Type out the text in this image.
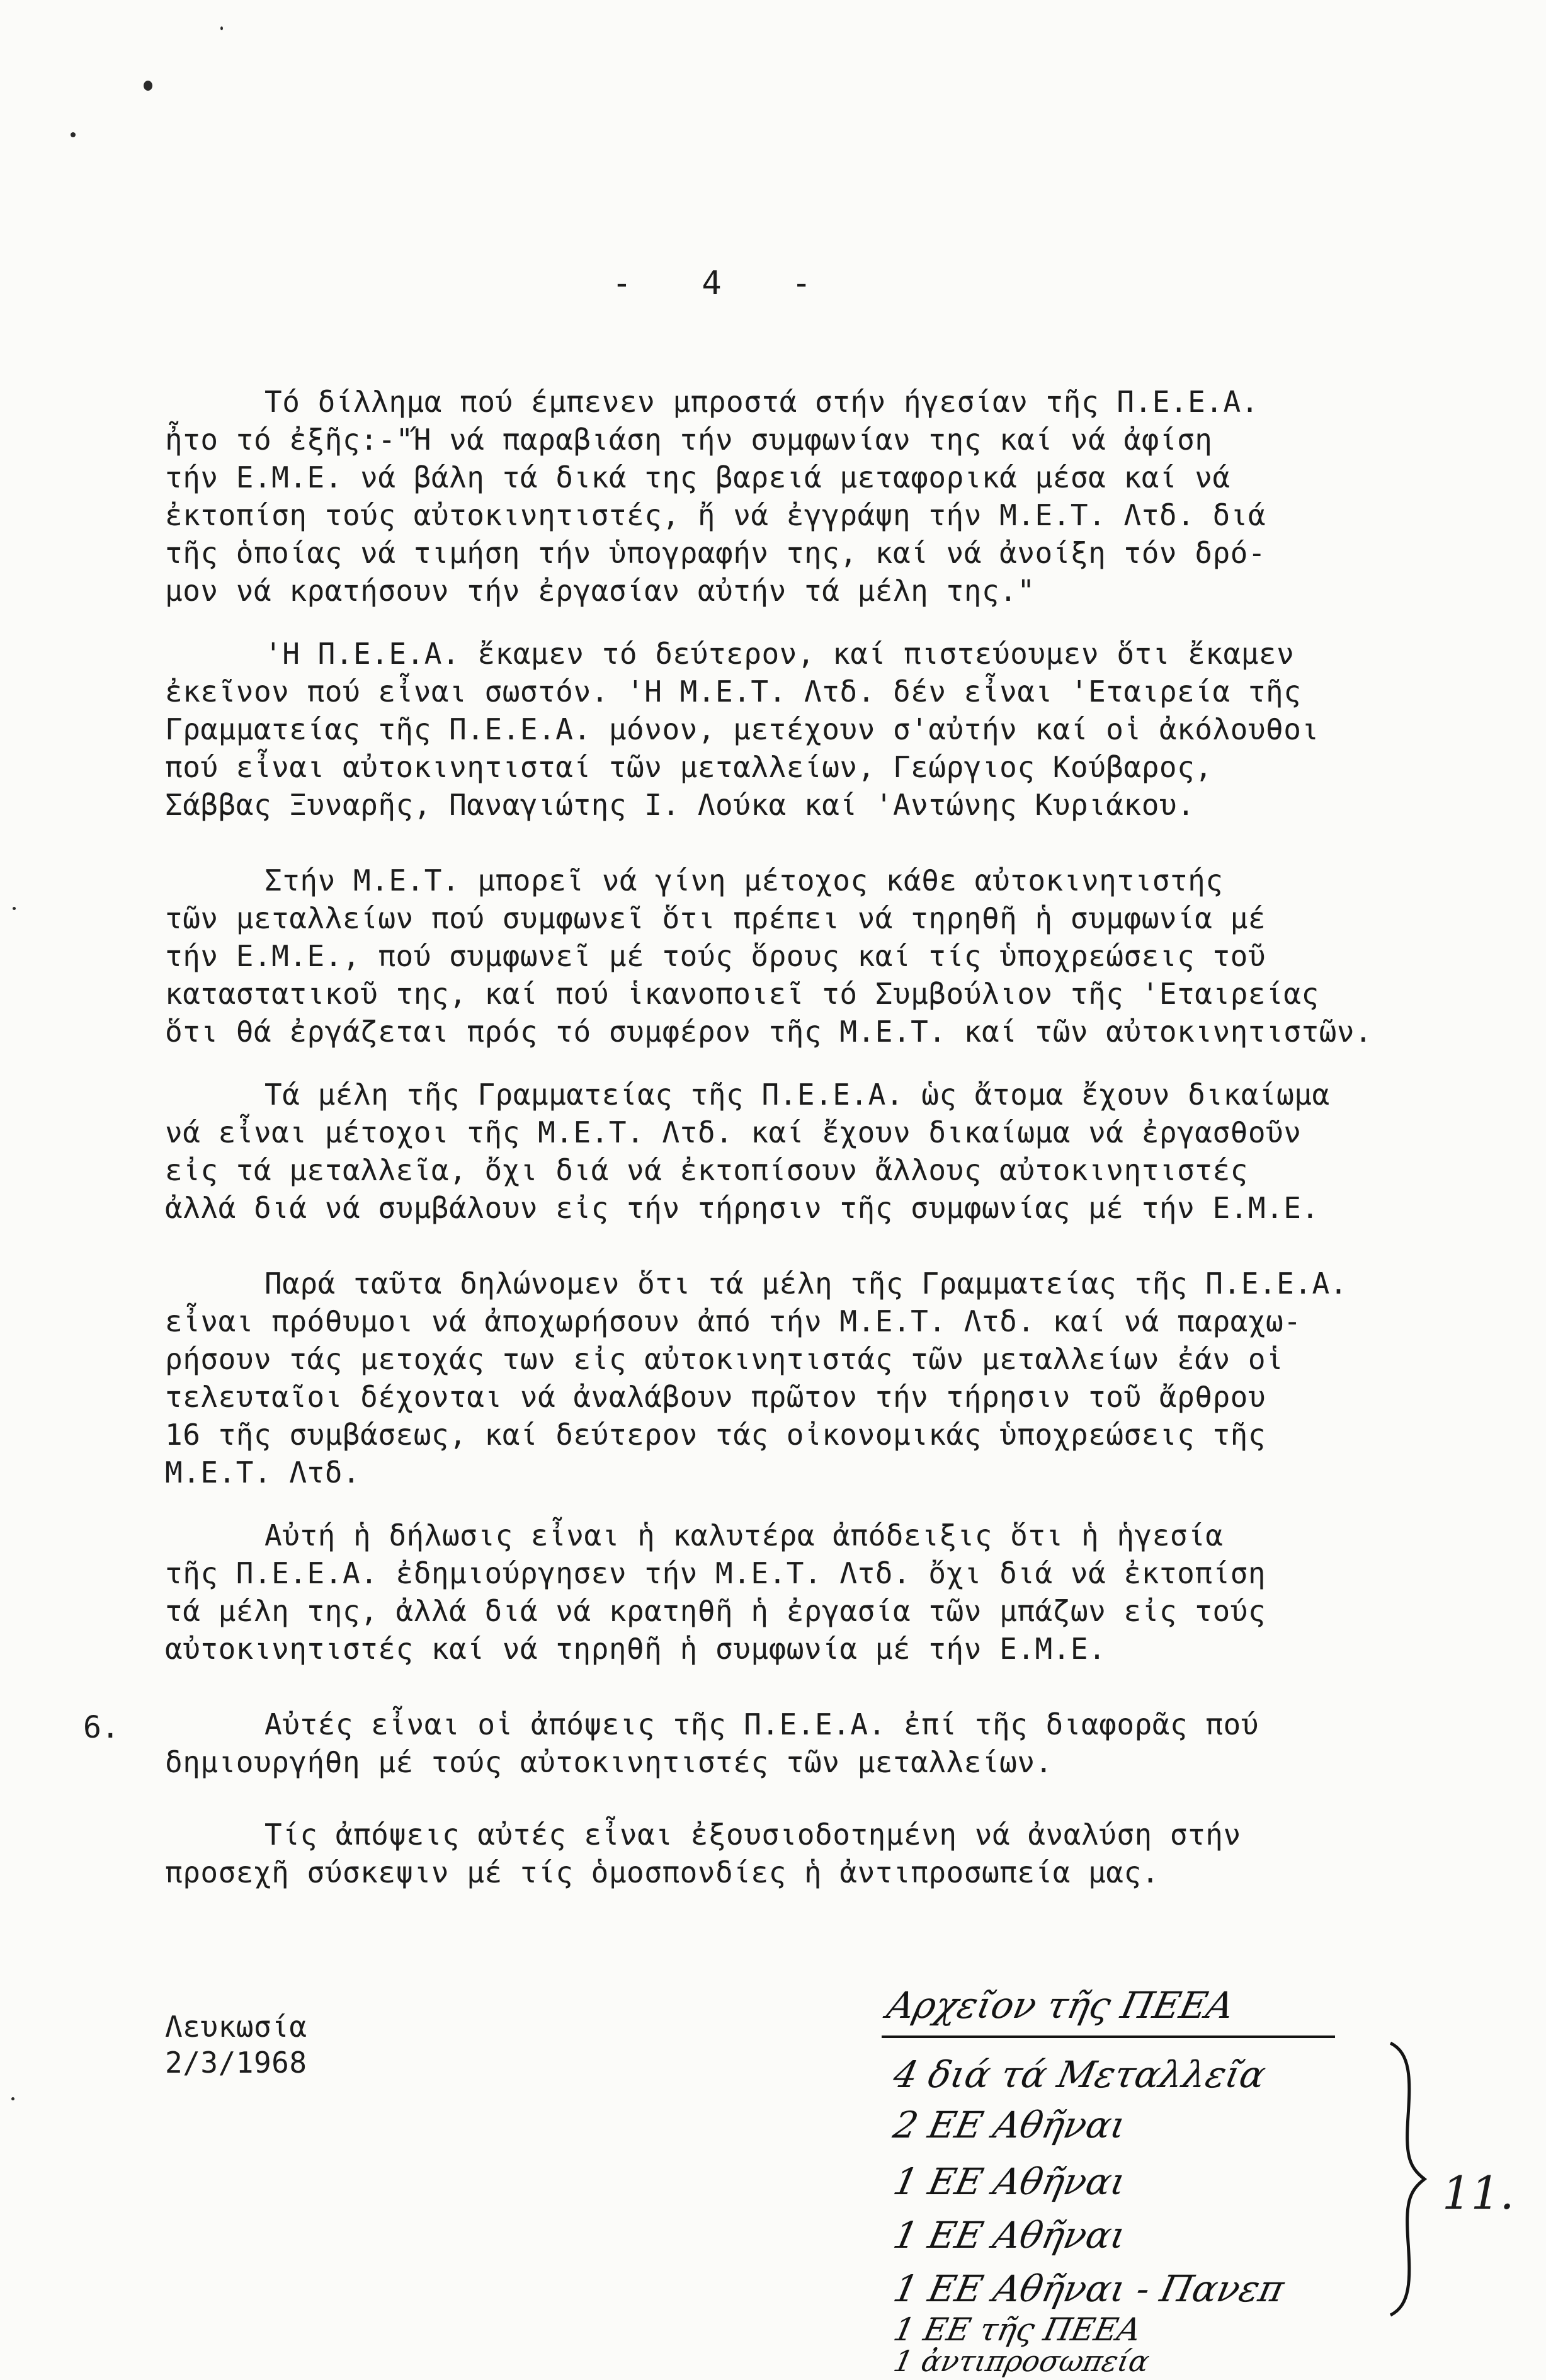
- 4 -
Τό δίλλημα πού έμπενεν μπροστά στήν ήγεσίαν τῆς Π.Ε.Ε.Α.
ἦτο τό ἐξῆς:-"Ή νά παραβιάση τήν συμφωνίαν της καί νά ἀφίση
τήν Ε.Μ.Ε. νά βάλη τά δικά της βαρειά μεταφορικά μέσα καί νά
ἐκτοπίση τούς αὐτοκινητιστές, ἤ νά ἐγγράψη τήν Μ.Ε.Τ. Λτδ. διά
τῆς ὁποίας νά τιμήση τήν ὑπογραφήν της, καί νά ἀνοίξη τόν δρό-
μον νά κρατήσουν τήν ἐργασίαν αὐτήν τά μέλη της."
'Η Π.Ε.Ε.Α. ἔκαμεν τό δεύτερον, καί πιστεύουμεν ὅτι ἔκαμεν
ἐκεῖνον πού εἶναι σωστόν. 'Η Μ.Ε.Τ. Λτδ. δέν εἶναι 'Εταιρεία τῆς
Γραμματείας τῆς Π.Ε.Ε.Α. μόνον, μετέχουν σ'αὐτήν καί οἱ ἀκόλουθοι
πού εἶναι αὐτοκινητισταί τῶν μεταλλείων, Γεώργιος Κούβαρος,
Σάββας Ξυναρῆς, Παναγιώτης Ι. Λούκα καί 'Αντώνης Κυριάκου.
Στήν Μ.Ε.Τ. μπορεῖ νά γίνη μέτοχος κάθε αὐτοκινητιστής
τῶν μεταλλείων πού συμφωνεῖ ὅτι πρέπει νά τηρηθῆ ἡ συμφωνία μέ
τήν Ε.Μ.Ε., πού συμφωνεῖ μέ τούς ὅρους καί τίς ὑποχρεώσεις τοῦ
καταστατικοῦ της, καί πού ἱκανοποιεῖ τό Συμβούλιον τῆς 'Εταιρείας
ὅτι θά ἐργάζεται πρός τό συμφέρον τῆς Μ.Ε.Τ. καί τῶν αὐτοκινητιστῶν.
Τά μέλη τῆς Γραμματείας τῆς Π.Ε.Ε.Α. ὡς ἄτομα ἔχουν δικαίωμα
νά εἶναι μέτοχοι τῆς Μ.Ε.Τ. Λτδ. καί ἔχουν δικαίωμα νά ἐργασθοῦν
εἰς τά μεταλλεῖα, ὄχι διά νά ἐκτοπίσουν ἄλλους αὐτοκινητιστές
ἀλλά διά νά συμβάλουν εἰς τήν τήρησιν τῆς συμφωνίας μέ τήν Ε.Μ.Ε.
Παρά ταῦτα δηλώνομεν ὅτι τά μέλη τῆς Γραμματείας τῆς Π.Ε.Ε.Α.
εἶναι πρόθυμοι νά ἀποχωρήσουν ἀπό τήν Μ.Ε.Τ. Λτδ. καί νά παραχω-
ρήσουν τάς μετοχάς των εἰς αὐτοκινητιστάς τῶν μεταλλείων ἐάν οἱ
τελευταῖοι δέχονται νά ἀναλάβουν πρῶτον τήν τήρησιν τοῦ ἄρθρου
16 τῆς συμβάσεως, καί δεύτερον τάς οἰκονομικάς ὑποχρεώσεις τῆς
Μ.Ε.Τ. Λτδ.
Αὐτή ἡ δήλωσις εἶναι ἡ καλυτέρα ἀπόδειξις ὅτι ἡ ἡγεσία
τῆς Π.Ε.Ε.Α. ἐδημιούργησεν τήν Μ.Ε.Τ. Λτδ. ὄχι διά νά ἐκτοπίση
τά μέλη της, ἀλλά διά νά κρατηθῆ ἡ ἐργασία τῶν μπάζων εἰς τούς
αὐτοκινητιστές καί νά τηρηθῆ ἡ συμφωνία μέ τήν Ε.Μ.Ε.
6.	Αὐτές εἶναι οἱ ἀπόψεις τῆς Π.Ε.Ε.Α. ἐπί τῆς διαφορᾶς πού
δημιουργήθη μέ τούς αὐτοκινητιστές τῶν μεταλλείων.
Τίς ἀπόψεις αὐτές εἶναι ἐξουσιοδοτημένη νά ἀναλύση στήν
προσεχῆ σύσκεψιν μέ τίς ὁμοσπονδίες ἡ ἀντιπροσωπεία μας.
Λευκωσία
2/3/1968
Αρχεῖον τῆς ΠΕΕΑ
4 διά τά Μεταλλεῖα
2 ΕΕ Αθῆναι
1 ΕΕ Αθῆναι
1 ΕΕ Αθῆναι
1 ΕΕ Αθῆναι - Πανεπ
1 ΕΕ τῆς ΠΕΕΑ
1 ἀντιπροσωπεία
11.
